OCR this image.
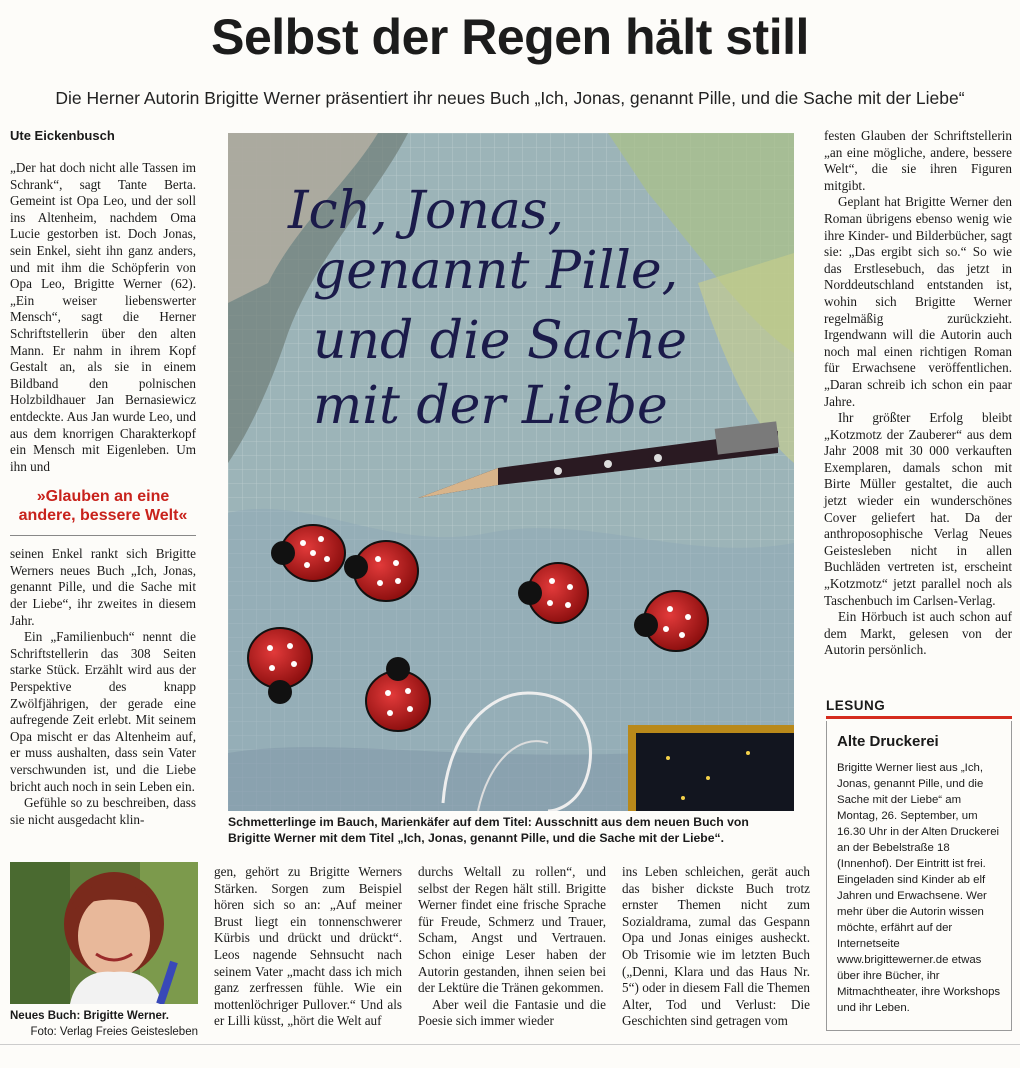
Selbst der Regen hält still

Die Herner Autorin Brigitte Werner präsentiert ihr neues Buch „Ich, Jonas, genannt Pille, und die Sache mit der Liebe“

Ute Eickenbusch

„Der hat doch nicht alle Tassen im Schrank“, sagt Tante Berta. Gemeint ist Opa Leo, und der soll ins Altenheim, nachdem Oma Lucie gestorben ist. Doch Jonas, sein Enkel, sieht ihn ganz anders, und mit ihm die Schöpferin von Opa Leo, Brigitte Werner (62). „Ein weiser liebenswerter Mensch“, sagt die Herner Schriftstellerin über den alten Mann. Er nahm in ihrem Kopf Gestalt an, als sie in einem Bildband den polnischen Holzbildhauer Jan Bernasiewicz entdeckte. Aus Jan wurde Leo, und aus dem knorrigen Charakterkopf ein Mensch mit Eigenleben. Um ihn und

»Glauben an eine andere, bessere Welt«

seinen Enkel rankt sich Brigitte Werners neues Buch „Ich, Jonas, genannt Pille, und die Sache mit der Liebe“, ihr zweites in diesem Jahr.

Ein „Familienbuch“ nennt die Schriftstellerin das 308 Seiten starke Stück. Erzählt wird aus der Perspektive des knapp Zwölfjährigen, der gerade eine aufregende Zeit erlebt. Mit seinem Opa mischt er das Altenheim auf, er muss aushalten, dass sein Vater verschwunden ist, und die Liebe bricht auch noch in sein Leben ein.

Gefühle so zu beschreiben, dass sie nicht ausgedacht klin-

Ich, Jonas,
genannt Pille,
und die Sache
mit der Liebe
Schmetterlinge im Bauch, Marienkäfer auf dem Titel: Ausschnitt aus dem neuen Buch von Brigitte Werner mit dem Titel „Ich, Jonas, genannt Pille, und die Sache mit der Liebe“.
Neues Buch: Brigitte Werner.
Foto: Verlag Freies Geistesleben

gen, gehört zu Brigitte Werners Stärken. Sorgen zum Beispiel hören sich so an: „Auf meiner Brust liegt ein tonnenschwerer Kürbis und drückt und drückt“. Leos nagende Sehnsucht nach seinem Vater „macht dass ich mich ganz zerfressen fühle. Wie ein mottenlöchriger Pullover.“ Und als er Lilli küsst, „hört die Welt auf

durchs Weltall zu rollen“, und selbst der Regen hält still. Brigitte Werner findet eine frische Sprache für Freude, Schmerz und Trauer, Scham, Angst und Vertrauen. Schon einige Leser haben der Autorin gestanden, ihnen seien bei der Lektüre die Tränen gekommen.

Aber weil die Fantasie und die Poesie sich immer wieder

ins Leben schleichen, gerät auch das bisher dickste Buch trotz ernster Themen nicht zum Sozialdrama, zumal das Gespann Opa und Jonas einiges ausheckt. Ob Trisomie wie im letzten Buch („Denni, Klara und das Haus Nr. 5“) oder in diesem Fall die Themen Alter, Tod und Verlust: Die Geschichten sind getragen vom

festen Glauben der Schriftstellerin „an eine mögliche, andere, bessere Welt“, die sie ihren Figuren mitgibt.

Geplant hat Brigitte Werner den Roman übrigens ebenso wenig wie ihre Kinder- und Bilderbücher, sagt sie: „Das ergibt sich so.“ So wie das Erstlesebuch, das jetzt in Norddeutschland entstanden ist, wohin sich Brigitte Werner regelmäßig zurückzieht. Irgendwann will die Autorin auch noch mal einen richtigen Roman für Erwachsene veröffentlichen. „Daran schreib ich schon ein paar Jahre.

Ihr größter Erfolg bleibt „Kotzmotz der Zauberer“ aus dem Jahr 2008 mit 30 000 verkauften Exemplaren, damals schon mit Birte Müller gestaltet, die auch jetzt wieder ein wunderschönes Cover geliefert hat. Da der anthroposophische Verlag Neues Geistesleben nicht in allen Buchläden vertreten ist, erscheint „Kotzmotz“ jetzt parallel noch als Taschenbuch im Carlsen-Verlag.

Ein Hörbuch ist auch schon auf dem Markt, gelesen von der Autorin persönlich.

LESUNG
Alte Druckerei

Brigitte Werner liest aus „Ich, Jonas, genannt Pille, und die Sache mit der Liebe“ am Montag, 26. September, um 16.30 Uhr in der Alten Druckerei an der Bebelstraße 18 (Innenhof). Der Eintritt ist frei. Eingeladen sind Kinder ab elf Jahren und Erwachsene. Wer mehr über die Autorin wissen möchte, erfährt auf der Internetseite www.brigittewerner.de etwas über ihre Bücher, ihr Mitmachtheater, ihre Workshops und ihr Leben.
